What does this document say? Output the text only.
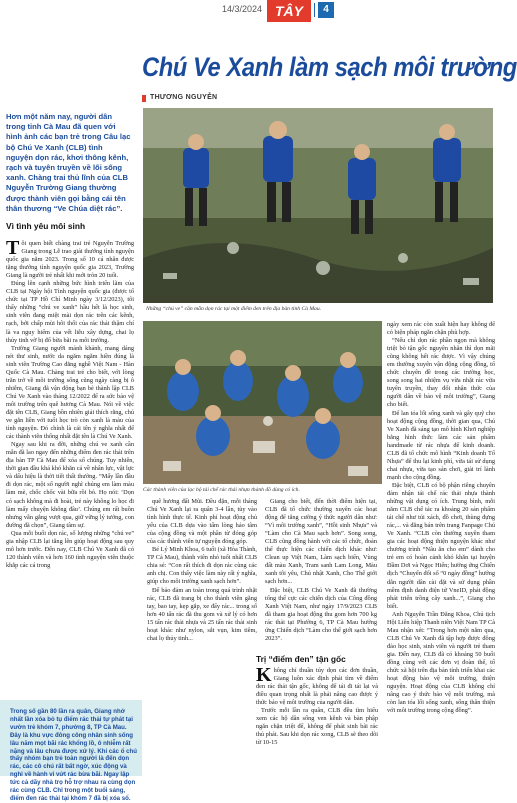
14/3/2024 TÂY	4
Chú Ve Xanh làm sạch môi trường
THƯƠNG NGUYỄN
Những “chú ve” cần mẫn dọn rác tại một điểm đen trên địa bàn tỉnh Cà Mau.
Hơn một năm nay, người dân trong tỉnh Cà Mau đã quen với hình ảnh các bạn trẻ trong Câu lạc bộ Chú Ve Xanh (CLB) tình nguyện dọn rác, khơi thông kênh, rạch và tuyên truyền về lối sống xanh. Chàng trai thủ lĩnh của CLB Nguyễn Trường Giang thường được thành viên gọi bằng cái tên thân thương “Ve Chúa diệt rác”.
Vì tình yêu môi sinh

Tôi quen biết chàng trai trẻ Nguyễn Trường Giang trong Lễ trao giải thưởng tình nguyện quốc gia năm 2023. Trong số 10 cá nhân được tặng thưởng tình nguyện quốc gia 2023, Trường Giang là người trẻ nhất khi mới tròn 20 tuổi.

Đúng lên cạnh những bức hình triển lãm của CLB tại Ngày hội Tình nguyện quốc gia (được tổ chức tại TP Hồ Chí Minh ngày 3/12/2023), tôi thấy những “chú ve xanh” hầu hết là học sinh, sinh viên đang miệt mài dọn rác trên các kênh, rạch, bởi chấp mùi hôi thối của rác thải thậm chí là va nguy hiểm của vết liễu xây dựng, chai lọ thủy tinh vỡ bị đổ bừa bãi ra môi trường.

Trường Giang người mảnh khảnh, mang dáng nét thư sinh, nước da ngăm ngăm hiền đúng là sinh viên Trường Cao đẳng nghề Việt Nam - Hàn Quốc Cà Mau. Chàng trai trẻ cho biết, với lòng trăn trở về môi trường sống cũng ngày càng bị ô nhiễm, Giang đã vận động bạn bè thành lập CLB Chú Ve Xanh vào tháng 12/2022 để ra sức bảo vệ môi trường trên quê hương Cà Mau. Nói về việc đặt tên CLB, Giang bồn nhiên giải thích rằng, chú ve gắn liền với tuổi học trò còn xanh là màu của tình nguyện. Đó chính là cái tên ý nghĩa nhất để các thành viên thống nhất đặt tên là Chú Ve Xanh.

Ngay sau khi ra đời, những chú ve xanh cần mẫn đã lao ngay đến những điểm đen rác thải trên địa bàn TP Cà Mau để xóa sổ chúng. Tuy nhiên, thời gian đầu khá khó khăn cả về nhân lực, vật lực và dấu hiệu là thời tiết thất thường. “Mấy lần đầu đi dọn rác, một số người nghĩ chúng em làm màu làm mè, chốc chốc vài bữa rồi bỏ. Họ nói: ‘Dọn có sạch không mà đi hoài, trẻ này không lo học đi làm mấy chuyện không đâu’. Chúng em rất buồn nhưng vẫn gắng vượt qua, giữ vững lý tưởng, con đường đã chọn”, Giang tâm sự.

Qua mỗi buổi dọn rác, số lượng những “chú ve” gia nhập CLB lại tăng lên giúp hoạt động sau quy mô hơn trước. Đến nay, CLB Chú Ve Xanh đã có 120 thành viên và hơn 160 tình nguyện viên thuộc khắp các cá trong

Trong số gần 80 lần ra quân, Giang nhớ nhất lần xóa bỏ tụ điểm rác thải tự phát tại vườn trẻ khóm 7, phường 8, TP Cà Mau. Đây là khu vực đông công nhân sinh sống lâu năm mọt bãi rác khổng lồ, ô nhiễm rất nặng và lâu chưa được xử lý. Khi các ổ chú thấy nhóm bạn trẻ toàn người là đến dọn rác, các cô chú rất bất ngờ, xúc động và nghỉ về hành vi vứt rác bừa bãi. Ngay lập tức cả dãy nhà trọ hỗ trợ nhau ra cùng dọn rác cùng CLB. Chỉ trong một buổi sáng, điểm đen rác thải tại khóm 7 đã bị xóa sổ.
Các thành viên của lạc bộ tái chế rác thải nhựa thành đồ dùng có ích.

quê hương đất Mũi. Đều đặn, mỗi tháng Chú Ve Xanh lại ra quân 3-4 lần, tùy vào tình hình thực tế. Kinh phí hoạt động chủ yếu của CLB dựa vào tấm lòng hảo tâm của cộng đồng và một phần từ đóng góp của các thành viên tự nguyện đóng góp.

Bé Lý Minh Khoa, 6 tuổi (xã Hòa Thành, TP Cà Mau), thành viên nhỏ tuổi nhất CLB chia sẻ: “Con rất thích đi dọn rác cùng các anh chị. Con thấy việc làm này rất ý nghĩa, giúp cho môi trường xanh sạch hơn”.

Để bảo đảm an toàn trong quá trình nhặt rác, CLB đã trang bị cho thành viên găng tay, bao tay, kẹp gắp, xe đẩy rác... trong số hơn 40 tấn rác đã thu gom và xử lý có hơn 15 tấn rác thải nhựa và 25 tấn rác thải sinh hoạt khác như nylon, sắt vụn, kim tiêm, chai lọ thủy tinh...

Giang cho biết, đến thời điểm hiện tại, CLB đã tổ chức thường xuyên các hoạt động để tăng cường ý thức người dân như: “Vì môi trường xanh”, “Hồi sinh Nhựa” và “Làm cho Cà Mau sạch hơn”. Song song, CLB cũng đồng hành với các tổ chức, đoàn thể thực hiện các chiến dịch khác như: Clean up Việt Nam, Làm sạch biển, Vùng đất màu Xanh, Tram sanh Lam Long, Màu xanh tôi yêu, Chủ nhật Xanh, Cho Thế giới sạch hơn...

Đặc biệt, CLB Chú Ve Xanh đã thường tổng thể cực các chiến dịch của Công đồng Xanh Việt Nam, như ngày 17/9/2023 CLB đã tham gia hoạt động thu gom hơn 700 kg rác thải tại Phường 6, TP Cà Mau hưởng ứng Chiến dịch “Làm cho thế giới sạch hơn 2023”.

Trị “điểm đen” tận gốc

Không chỉ thuần túy dọn các đơn thuần, Giang luôn xác định phải tìm về điểm đen rác thải tận gốc, không để tái đi tái lại và điều quan trọng nhất là phải nâng cao được ý thức bảo vệ môi trường của người dân.

Trước mỗi lần ra quân, CLB đều tìm hiểu xem các hộ dân sống ven kênh và bàn phập ngăn chặn triệt để, không để phát sinh bãi rác thủ phát. Sau khi dọn rác xong, CLB sẽ theo dõi từ 10-15

ngày xem rác còn xuất hiện hay không để có biện pháp ngăn chặn phù hợp.

“Nếu chỉ dọn rác phần ngọn mà không triệt bỏ tận gốc nguyên nhân thì dọn mãi cũng không hết rác được. Vì vậy chúng em thường xuyên vận động cộng đồng, tổ chức chuyên đề trong các trường học, song song hai nhiệm vụ vừa nhặt rác vừa tuyên truyền, thay đổi nhận thức của người dân về bảo vệ môi trường”, Giang cho biết.

Để lan tỏa lối sống xanh và gây quỹ cho hoạt động cộng đồng, thời gian qua, Chú Ve Xanh đã sáng tạo mô hình Khơi nghiệp bằng hình thức làm các sản phẩm handmade từ rác nhựa để kinh doanh. CLB đã tổ chức mô hình “Kinh doanh Tổ Nhựa” để thu lại kinh phí, vừa tái sử dụng chai nhựa, vừa tạo sản chơi, giải trí lành mạnh cho cộng đồng.

Đặc biệt, CLB có bộ phận riêng chuyên đảm nhận tái chế rác thải nhựa thành những vật dụng có ích. Trung bình, mỗi năm CLB chế tác ra khoảng 20 sản phẩm tái chế như túi xách, đồ chơi, thùng đựng rác,... và đăng bán trên trang Fanpage Chú Ve Xanh. “CLB còn thường xuyên tham gia các hoạt động thiện nguyện khác như chương trình “Nâu ăn cho em” dành cho trẻ em có hoàn cảnh khó khăn tại huyện Đầm Dơi và Ngọc Hiển; hưởng ứng Chiến dịch “Chuyến đổi số “0 ngày đồng” hướng dẫn người dân cài đặt và sử dụng phần mềm định danh điện tử VneID, phát động phát triển trồng cây xanh...”, Giang cho biết.

Anh Nguyễn Trần Đăng Khoa, Chủ tịch Hội Liên hiệp Thanh niên Việt Nam TP Cà Mau nhận xét: “Trong hơn một năm qua, CLB Chú Ve Xanh đã tập hợp được đông đảo học sinh, sinh viên và người trẻ tham gia. Đến nay, CLB đã có khoảng 50 buổi đồng cùng với các đơn vị đoàn thể, tổ chức xã hội trên địa bàn tỉnh triển khai các hoạt động bảo vệ môi trường, thiện nguyện. Hoạt động của CLB không chỉ nâng cao ý thức bảo vệ môi trường, mà còn lan tỏa lối sống xanh, sống thân thiện với môi trường trong cộng đồng”.
